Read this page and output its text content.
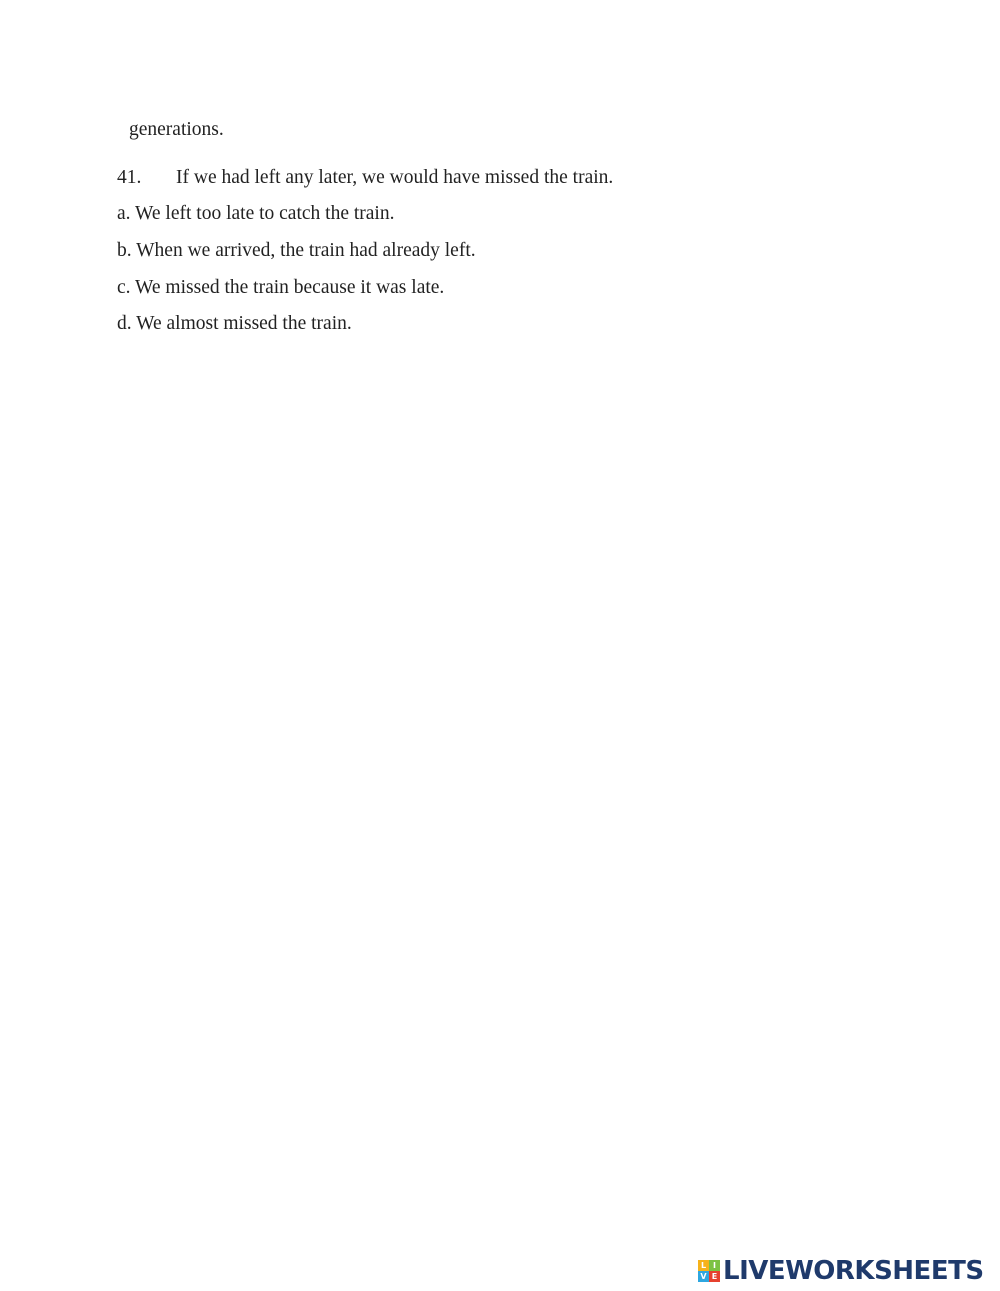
generations.
41. If we had left any later, we would have missed the train.
a. We left too late to catch the train.
b. When we arrived, the train had already left.
c. We missed the train because it was late.
d. We almost missed the train.
L I
V E LIVEWORKSHEETS
